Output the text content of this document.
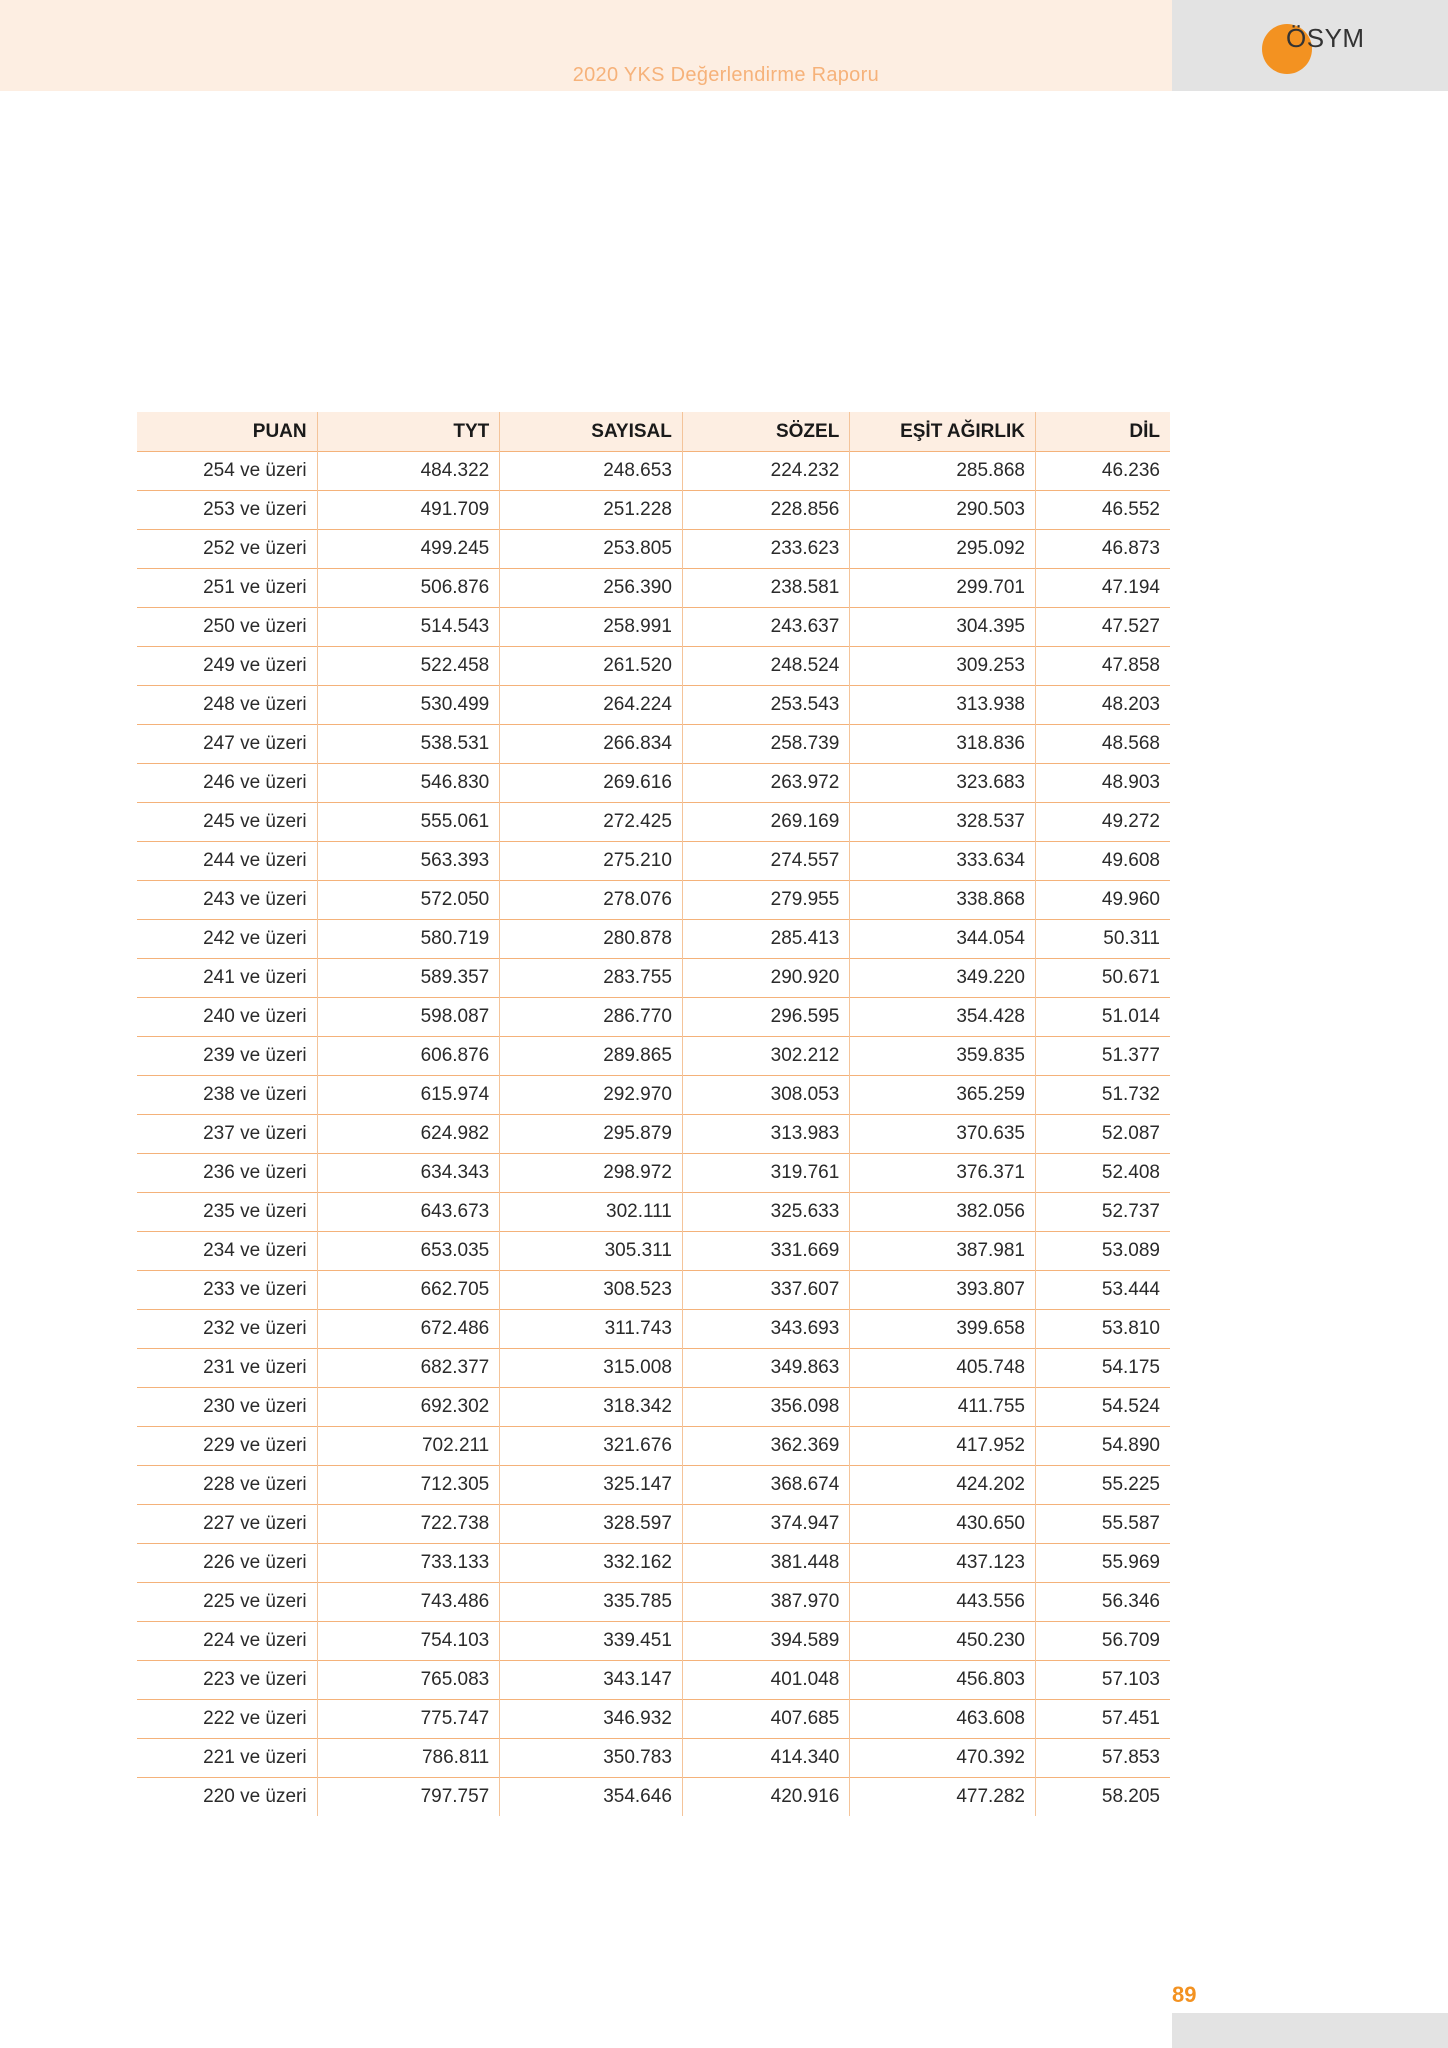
2020 YKS Değerlendirme Raporu
ÖSYM
PUAN	TYT	SAYISAL	SÖZEL	EŞİT AĞIRLIK	DİL
254 ve üzeri	484.322	248.653	224.232	285.868	46.236
253 ve üzeri	491.709	251.228	228.856	290.503	46.552
252 ve üzeri	499.245	253.805	233.623	295.092	46.873
251 ve üzeri	506.876	256.390	238.581	299.701	47.194
250 ve üzeri	514.543	258.991	243.637	304.395	47.527
249 ve üzeri	522.458	261.520	248.524	309.253	47.858
248 ve üzeri	530.499	264.224	253.543	313.938	48.203
247 ve üzeri	538.531	266.834	258.739	318.836	48.568
246 ve üzeri	546.830	269.616	263.972	323.683	48.903
245 ve üzeri	555.061	272.425	269.169	328.537	49.272
244 ve üzeri	563.393	275.210	274.557	333.634	49.608
243 ve üzeri	572.050	278.076	279.955	338.868	49.960
242 ve üzeri	580.719	280.878	285.413	344.054	50.311
241 ve üzeri	589.357	283.755	290.920	349.220	50.671
240 ve üzeri	598.087	286.770	296.595	354.428	51.014
239 ve üzeri	606.876	289.865	302.212	359.835	51.377
238 ve üzeri	615.974	292.970	308.053	365.259	51.732
237 ve üzeri	624.982	295.879	313.983	370.635	52.087
236 ve üzeri	634.343	298.972	319.761	376.371	52.408
235 ve üzeri	643.673	302.111	325.633	382.056	52.737
234 ve üzeri	653.035	305.311	331.669	387.981	53.089
233 ve üzeri	662.705	308.523	337.607	393.807	53.444
232 ve üzeri	672.486	311.743	343.693	399.658	53.810
231 ve üzeri	682.377	315.008	349.863	405.748	54.175
230 ve üzeri	692.302	318.342	356.098	411.755	54.524
229 ve üzeri	702.211	321.676	362.369	417.952	54.890
228 ve üzeri	712.305	325.147	368.674	424.202	55.225
227 ve üzeri	722.738	328.597	374.947	430.650	55.587
226 ve üzeri	733.133	332.162	381.448	437.123	55.969
225 ve üzeri	743.486	335.785	387.970	443.556	56.346
224 ve üzeri	754.103	339.451	394.589	450.230	56.709
223 ve üzeri	765.083	343.147	401.048	456.803	57.103
222 ve üzeri	775.747	346.932	407.685	463.608	57.451
221 ve üzeri	786.811	350.783	414.340	470.392	57.853
220 ve üzeri	797.757	354.646	420.916	477.282	58.205
89
